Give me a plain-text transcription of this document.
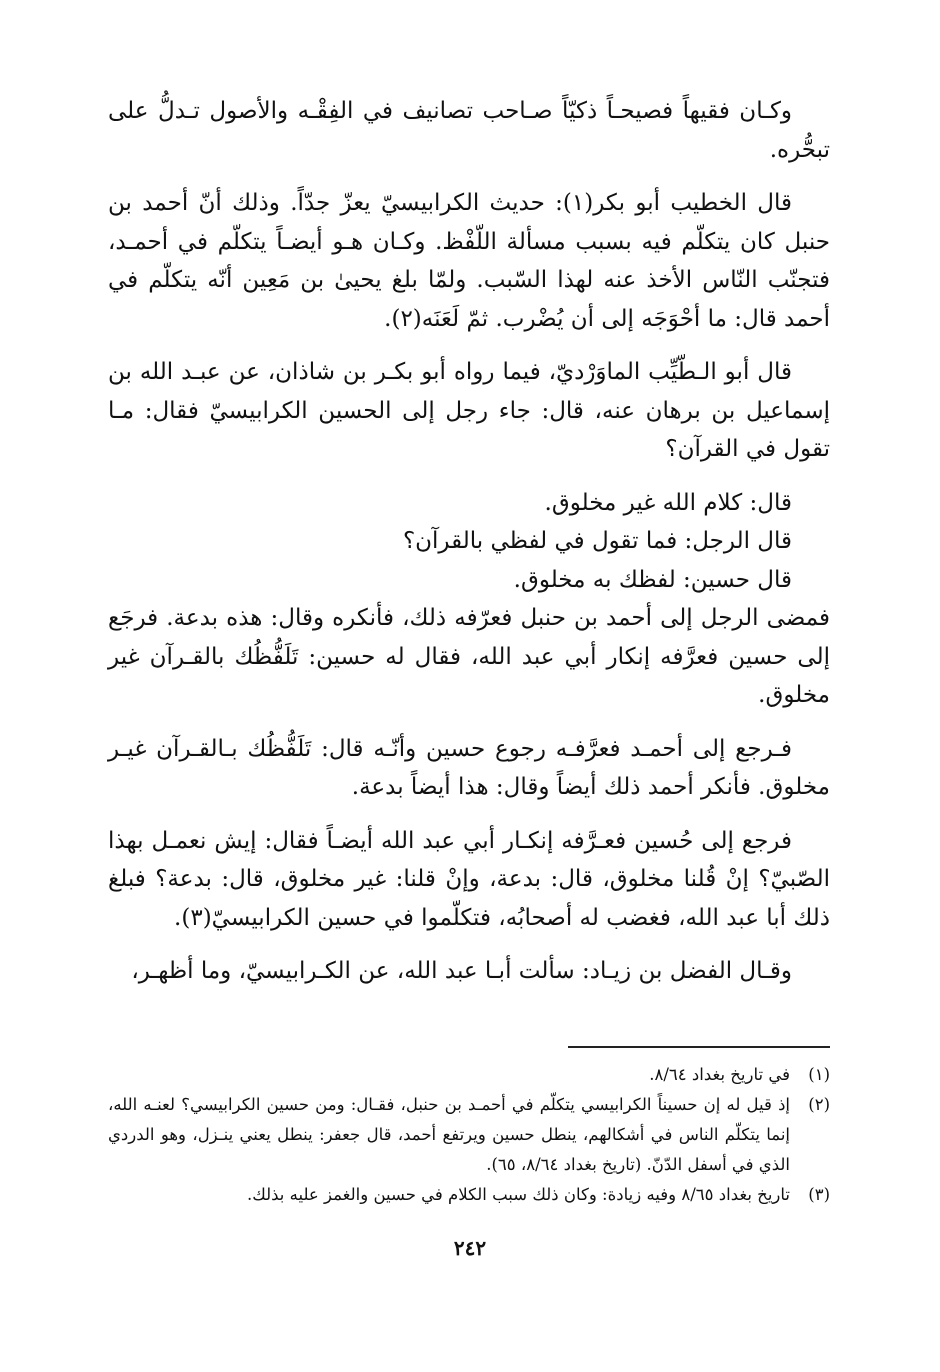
وكـان فقيهاً فصيحـاً ذكيّاً صـاحب تصانيف في الفِقْـه والأصول تـدلُّ على تبحُّره.

قال الخطيب أبو بكر(١): حديث الكرابيسيّ يعزّ جدّاً. وذلك أنّ أحمد بن حنبل كان يتكلّم فيه بسبب مسألة اللّفْظ. وكـان هـو أيضـاً يتكلّم في أحمـد، فتجنّب النّاس الأخذ عنه لهذا السّبب. ولمّا بلغ يحيىٰ بن مَعِين أنّه يتكلّم في أحمد قال: ما أحْوَجَه إلى أن يُضْرب. ثمّ لَعَنَه(٢).

قال أبو الـطّيِّب الماوَرْديّ، فيما رواه أبو بكـر بن شاذان، عن عبـد الله بن إسماعيل بن برهان عنه، قال: جاء رجل إلى الحسين الكرابيسيّ فقال: مـا تقول في القرآن؟

قال: كلام الله غير مخلوق.

قال الرجل: فما تقول في لفظي بالقرآن؟

قال حسين: لفظك به مخلوق.

فمضى الرجل إلى أحمد بن حنبل فعرّفه ذلك، فأنكره وقال: هذه بدعة. فرجَع إلى حسين فعرَّفه إنكار أبي عبد الله، فقال له حسين: تَلَفُّظُك بالقـرآن غير مخلوق.

فـرجع إلى أحمـد فعرَّفـه رجوع حسين وأنّـه قال: تَلَفُّظُك بـالقـرآن غيـر مخلوق. فأنكر أحمد ذلك أيضاً وقال: هذا أيضاً بدعة.

فرجع إلى حُسين فعـرَّفه إنكـار أبي عبد الله أيضـاً فقال: إيش نعمـل بهذا الصّبيّ؟ إنْ قُلنا مخلوق، قال: بدعة، وإنْ قلنا: غير مخلوق، قال: بدعة؟ فبلغ ذلك أبا عبد الله، فغضب له أصحابُه، فتكلّموا في حسين الكرابيسيّ(٣).

وقـال الفضل بن زيـاد: سألت أبـا عبد الله، عن الكـرابيسيّ، وما أظهـر،

(١)
في تاريخ بغداد ٨/٦٤.
(٢)
إذ قيل له إن حسيناً الكرابيسي يتكلّم في أحمـد بن حنبل، فقـال: ومن حسين الكرابيسي؟ لعنـه الله، إنما يتكلّم الناس في أشكالهم، ينطل حسين ويرتفع أحمد، قال جعفر: ينطل يعني ينـزل، وهو الدردي الذي في أسفل الدّنّ. (تاريخ بغداد ٨/٦٤، ٦٥).
(٣)
تاريخ بغداد ٨/٦٥ وفيه زيادة: وكان ذلك سبب الكلام في حسين والغمز عليه بذلك.
٢٤٢
